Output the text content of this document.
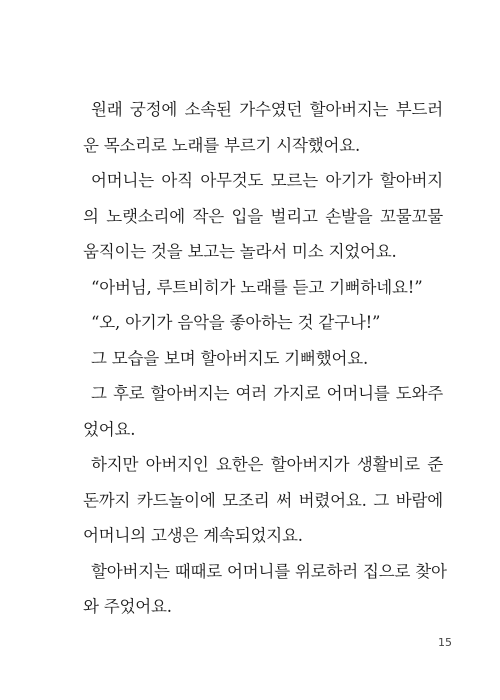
원래 궁정에 소속된 가수였던 할아버지는 부드러
운 목소리로 노래를 부르기 시작했어요.
어머니는 아직 아무것도 모르는 아기가 할아버지
의 노랫소리에 작은 입을 벌리고 손발을 꼬물꼬물
움직이는 것을 보고는 놀라서 미소 지었어요.
“아버님, 루트비히가 노래를 듣고 기뻐하네요!”
“오, 아기가 음악을 좋아하는 것 같구나!”
그 모습을 보며 할아버지도 기뻐했어요.
그 후로 할아버지는 여러 가지로 어머니를 도와주
었어요.
하지만 아버지인 요한은 할아버지가 생활비로 준
돈까지 카드놀이에 모조리 써 버렸어요. 그 바람에
어머니의 고생은 계속되었지요.
할아버지는 때때로 어머니를 위로하러 집으로 찾아
와 주었어요.
15
